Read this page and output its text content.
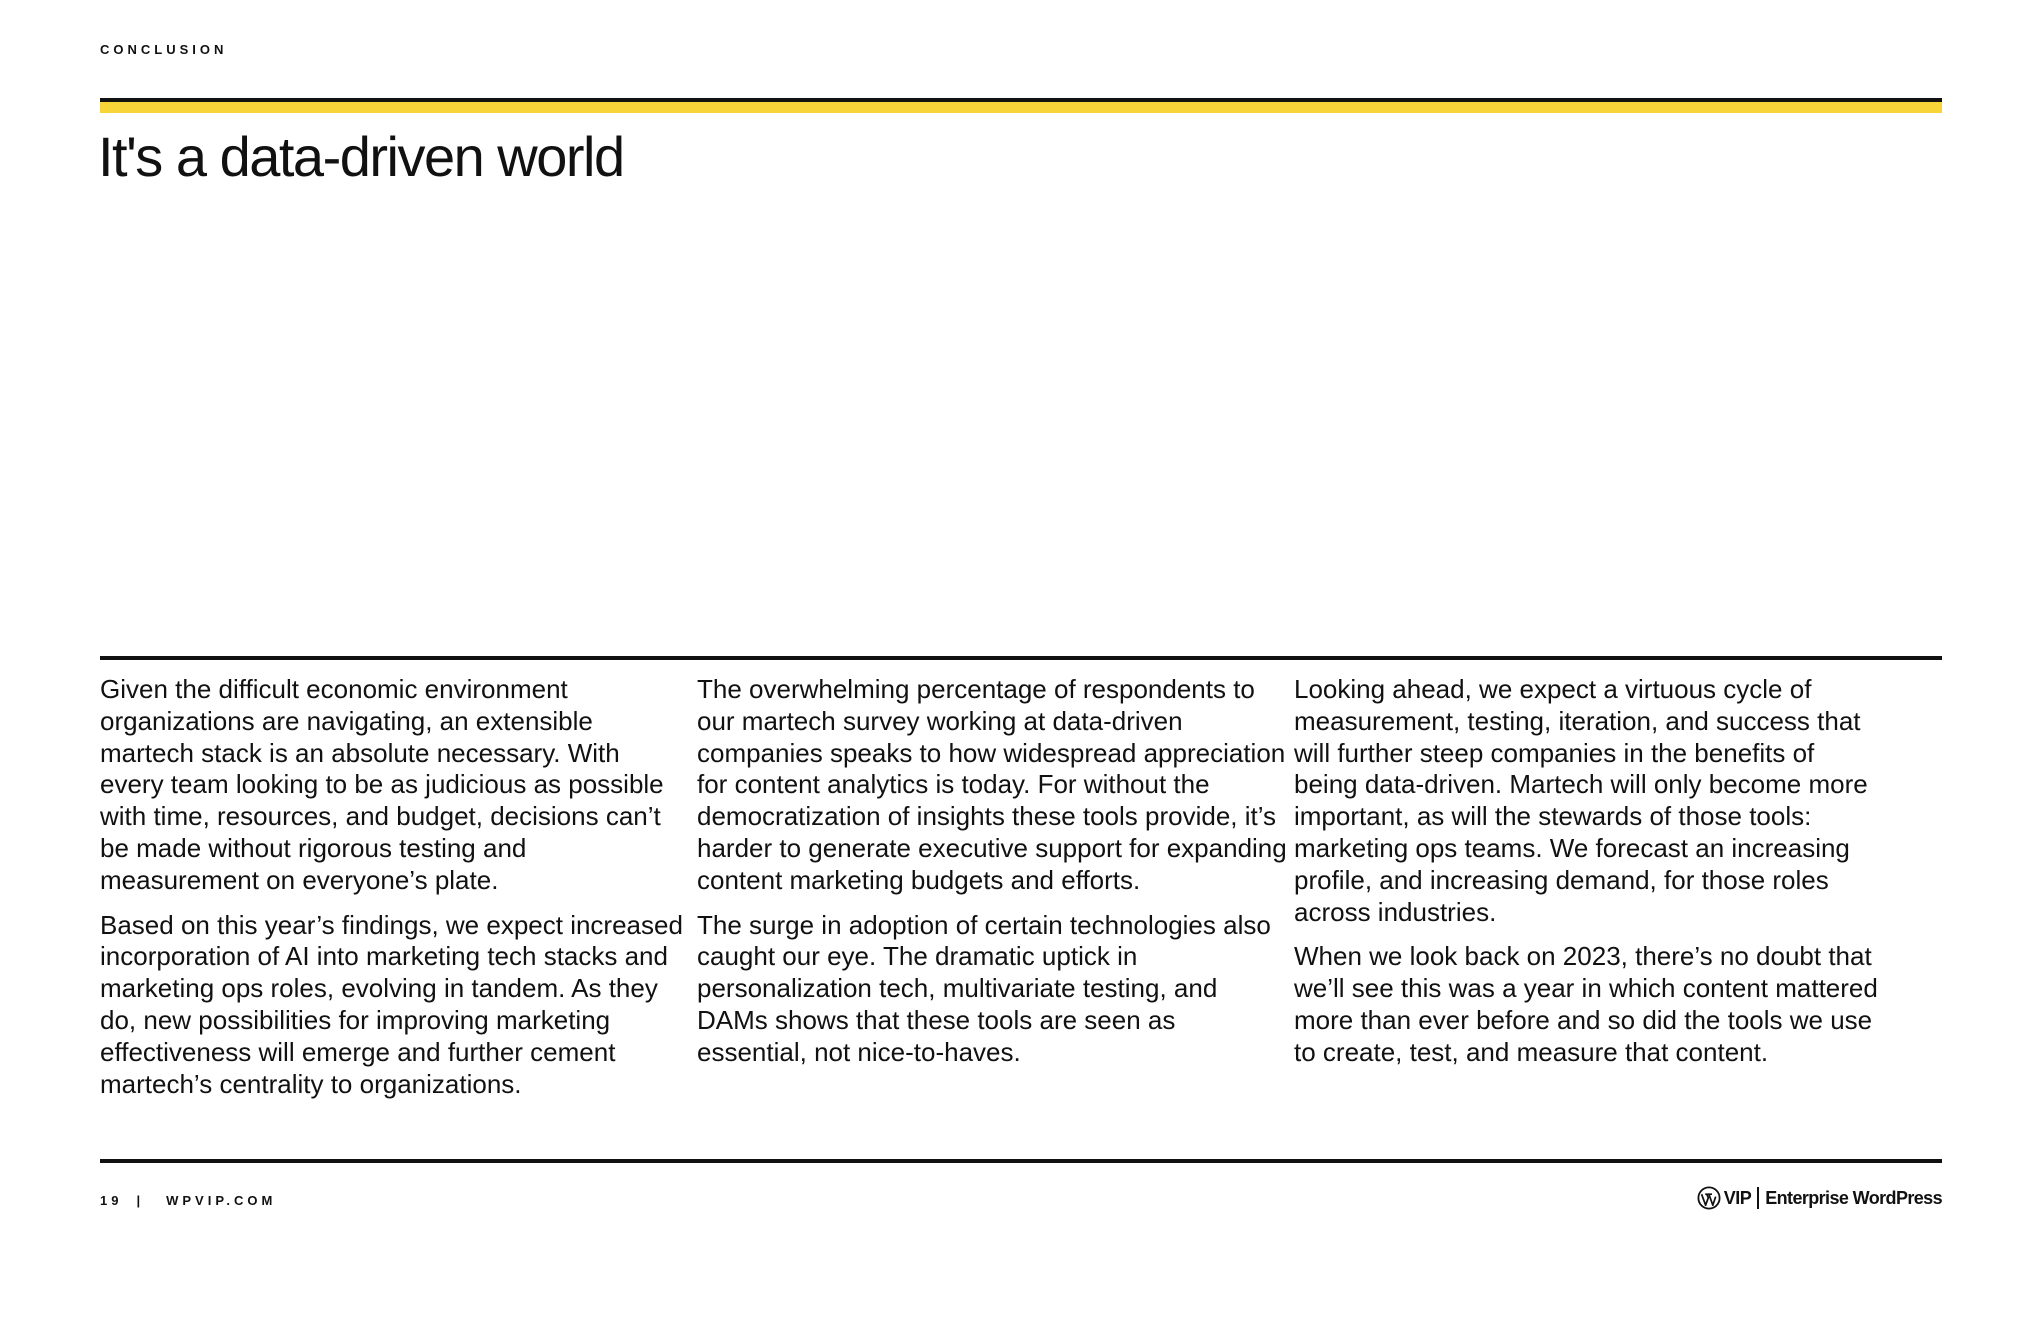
CONCLUSION
It's a data-driven world

Given the difficult economic environment organizations are navigating, an extensible martech stack is an absolute necessary. With every team looking to be as judicious as possible with time, resources, and budget, decisions can’t be made without rigorous testing and measurement on everyone’s plate.

Based on this year’s findings, we expect increased incorporation of AI into marketing tech stacks and marketing ops roles, evolving in tandem. As they do, new possibilities for improving marketing effectiveness will emerge and further cement martech’s centrality to organizations.

The overwhelming percentage of respondents to our martech survey working at data-driven companies speaks to how widespread appreciation for content analytics is today. For without the democratization of insights these tools provide, it’s harder to generate executive support for expanding content marketing budgets and efforts.

The surge in adoption of certain technologies also caught our eye. The dramatic uptick in personalization tech, multivariate testing, and DAMs shows that these tools are seen as essential, not nice-to-haves.

Looking ahead, we expect a virtuous cycle of measurement, testing, iteration, and success that will further steep companies in the benefits of being data-driven. Martech will only become more important, as will the stewards of those tools: marketing ops teams. We forecast an increasing profile, and increasing demand, for those roles across industries.

When we look back on 2023, there’s no doubt that we’ll see this was a year in which content mattered more than ever before and so did the tools we use to create, test, and measure that content.

19 | WPVIP.COM	VIP Enterprise WordPress
